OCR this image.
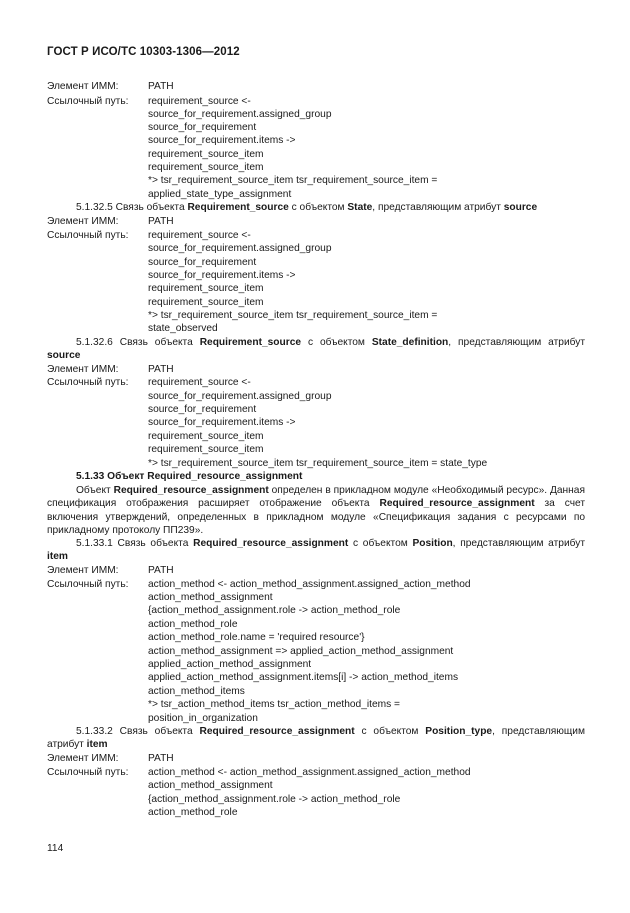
ГОСТ Р ИСО/ТС 10303-1306—2012
Элемент ИММ:	PATH
Ссылочный путь: requirement_source <-
source_for_requirement.assigned_group
source_for_requirement
source_for_requirement.items ->
requirement_source_item
requirement_source_item
*> tsr_requirement_source_item tsr_requirement_source_item =
applied_state_type_assignment
5.1.32.5 Связь объекта Requirement_source с объектом State, представляющим атрибут source
Элемент ИММ:	PATH
Ссылочный путь: requirement_source <-
source_for_requirement.assigned_group
source_for_requirement
source_for_requirement.items ->
requirement_source_item
requirement_source_item
*> tsr_requirement_source_item tsr_requirement_source_item =
state_observed
5.1.32.6 Связь объекта Requirement_source с объектом State_definition, представляющим атрибут source
Элемент ИММ:	PATH
Ссылочный путь: requirement_source <-
source_for_requirement.assigned_group
source_for_requirement
source_for_requirement.items ->
requirement_source_item
requirement_source_item
*> tsr_requirement_source_item tsr_requirement_source_item = state_type
5.1.33 Объект Required_resource_assignment
Объект Required_resource_assignment определен в прикладном модуле «Необходимый ресурс». Данная спецификация отображения расширяет отображение объекта Required_resource_assignment за счет включения утверждений, определенных в прикладном модуле «Спецификация задания с ресурсами по прикладному протоколу ПП239».
5.1.33.1 Связь объекта Required_resource_assignment с объектом Position, представляющим атрибут item
Элемент ИММ:	PATH
Ссылочный путь: action_method <- action_method_assignment.assigned_action_method
action_method_assignment
{action_method_assignment.role -> action_method_role
action_method_role
action_method_role.name = 'required resource'}
action_method_assignment => applied_action_method_assignment
applied_action_method_assignment
applied_action_method_assignment.items[i] -> action_method_items
action_method_items
*> tsr_action_method_items tsr_action_method_items =
position_in_organization
5.1.33.2 Связь объекта Required_resource_assignment с объектом Position_type, представляющим атрибут item
Элемент ИММ:	PATH
Ссылочный путь: action_method <- action_method_assignment.assigned_action_method
action_method_assignment
{action_method_assignment.role -> action_method_role
action_method_role
114
